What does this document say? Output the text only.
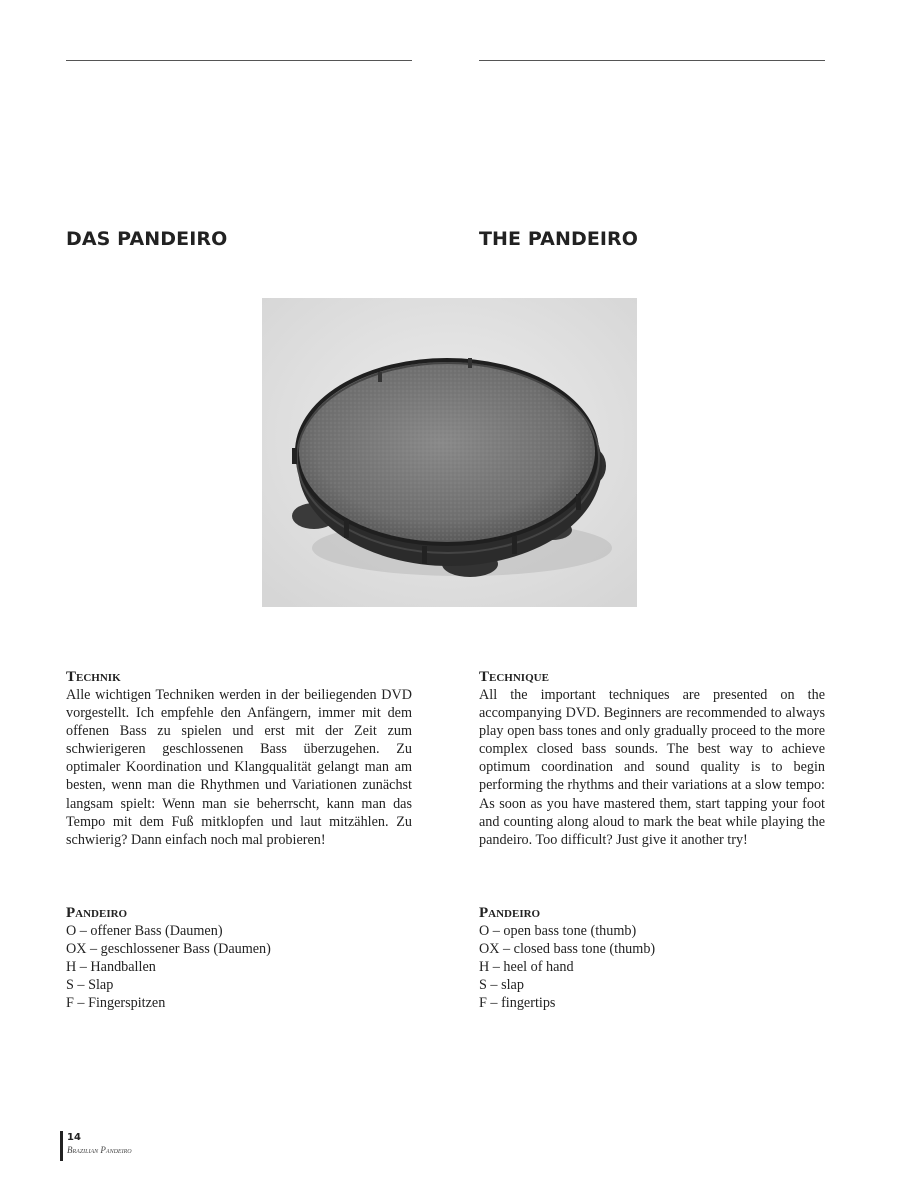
DAS PANDEIRO	THE PANDEIRO
Technik

Alle wichtigen Techniken werden in der beiliegenden DVD vorgestellt. Ich empfehle den Anfängern, immer mit dem offenen Bass zu spielen und erst mit der Zeit zum schwierigeren geschlossenen Bass überzugehen. Zu optimaler Koordination und Klangqualität gelangt man am besten, wenn man die Rhythmen und Variationen zunächst langsam spielt: Wenn man sie beherrscht, kann man das Tempo mit dem Fuß mitklopfen und laut mitzählen. Zu schwierig? Dann einfach noch mal probieren!

Technique

All the important techniques are presented on the accompanying DVD. Beginners are recommended to always play open bass tones and only gradually proceed to the more complex closed bass sounds. The best way to achieve optimum coordination and sound quality is to begin performing the rhythms and their variations at a slow tempo: As soon as you have mastered them, start tapping your foot and counting along aloud to mark the beat while playing the pandeiro. Too difficult? Just give it another try!

Pandeiro
O – offener Bass (Daumen)
OX – geschlossener Bass (Daumen)
H – Handballen
S – Slap
F – Fingerspitzen
Pandeiro
O – open bass tone (thumb)
OX – closed bass tone (thumb)
H – heel of hand
S – slap
F – fingertips
14
Brazilian Pandeiro
